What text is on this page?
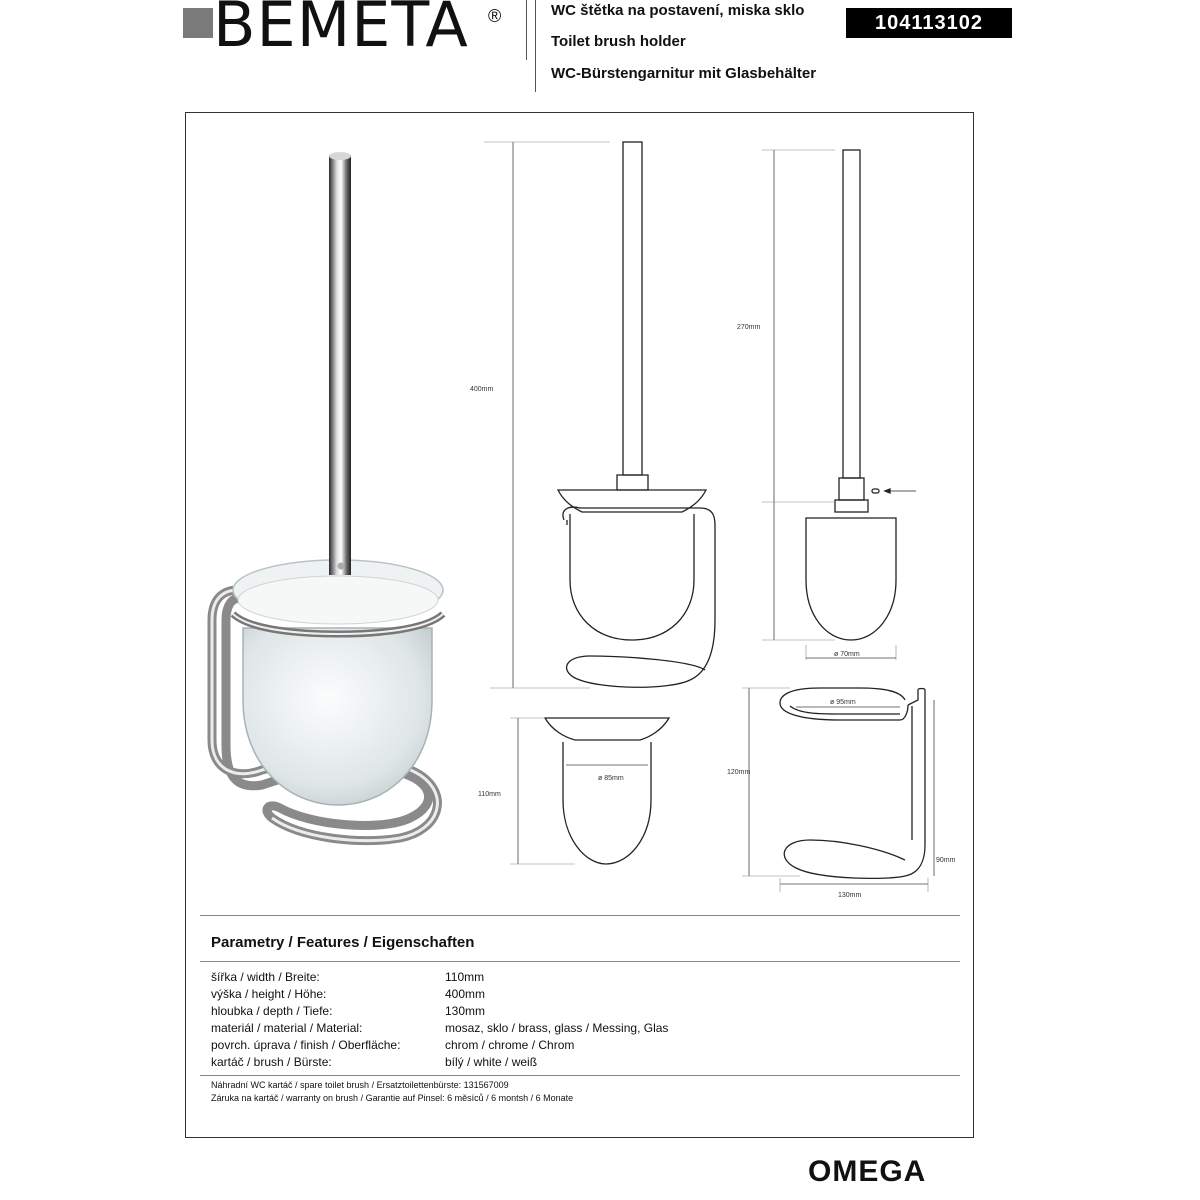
BEMETA ®	WC štětka na postavení, miska sklo
Toilet brush holder
WC-Bürstengarnitur mit Glasbehälter
104113102
400mm
270mm
ø 70mm
110mm
ø 85mm
120mm
ø 95mm
90mm
130mm
Parametry / Features / Eigenschaften
šířka / width / Breite:	110mm
výška / height / Höhe:	400mm
hloubka / depth / Tiefe:	130mm
materiál / material / Material:	mosaz, sklo / brass, glass / Messing, Glas
povrch. úprava / finish / Oberfläche:	chrom / chrome / Chrom
kartáč / brush / Bürste:	bílý / white / weiß
Náhradní WC kartáč / spare toilet brush / Ersatztoilettenbürste: 131567009
Záruka na kartáč / warranty on brush / Garantie auf Pinsel: 6 měsíců / 6 montsh / 6 Monate
OMEGA
